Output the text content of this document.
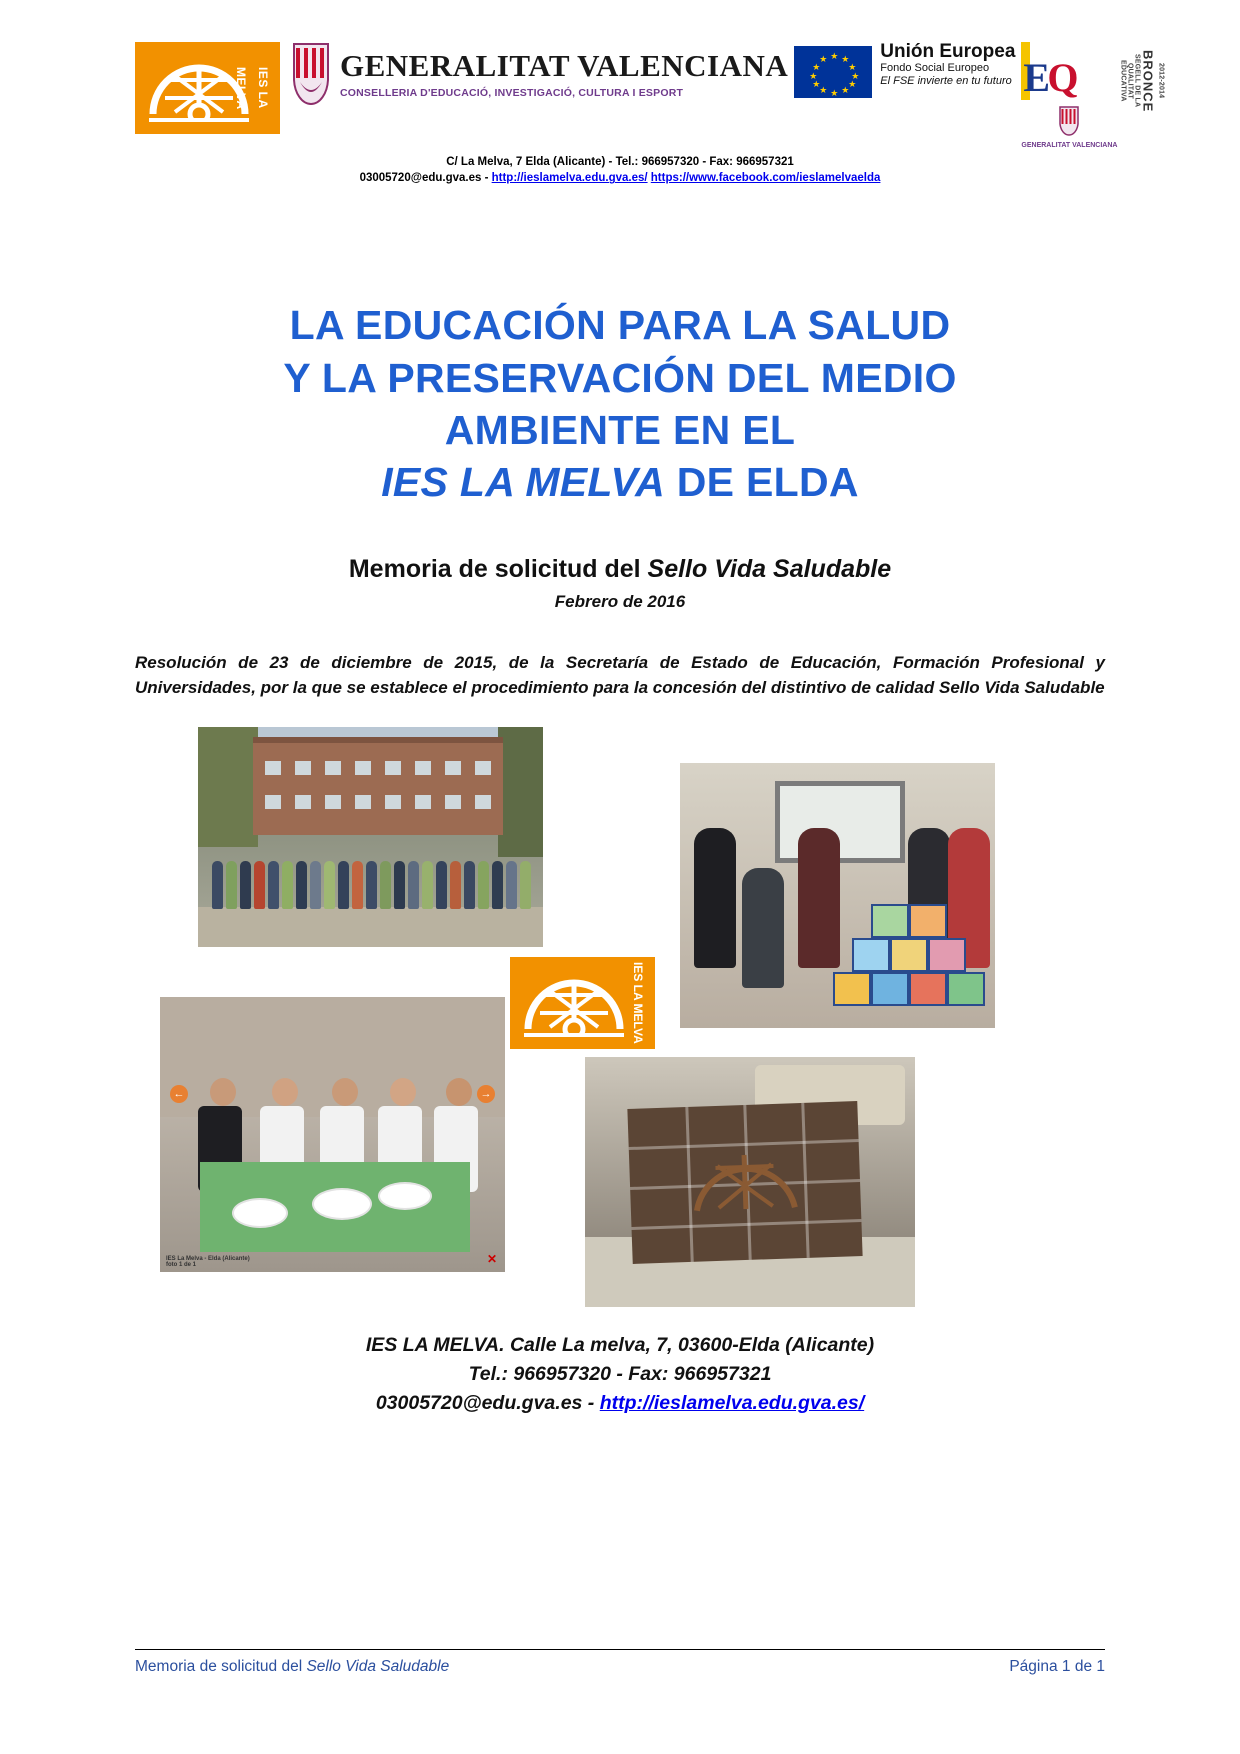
IES LA MELVA
GENERALITAT VALENCIANA
CONSELLERIA D'EDUCACIÓ, INVESTIGACIÓ, CULTURA I ESPORT
★ ★
★
★
★
★
★
★
★
★
★
★	Unión Europea
Fondo Social Europeo
El FSE invierte en tu futuro E
Q
GENERALITAT VALENCIANA
SEGELL DE LA QUALITAT EDUCATIVA	BRONCE 2012-2014
C/ La Melva, 7 Elda (Alicante) - Tel.: 966957320 - Fax: 966957321
03005720@edu.gva.es - http://ieslamelva.edu.gva.es/ https://www.facebook.com/ieslamelvaelda
LA EDUCACIÓN PARA LA SALUD
Y LA PRESERVACIÓN DEL MEDIO
AMBIENTE EN EL
IES LA MELVA DE ELDA
Memoria de solicitud del Sello Vida Saludable
Febrero de 2016
Resolución de 23 de diciembre de 2015, de la Secretaría de Estado de Educación, Formación Profesional y Universidades, por la que se establece el procedimiento para la concesión del distintivo de calidad Sello Vida Saludable
IES LA MELVA
←	→
IES La Melva - Elda (Alicante)
foto 1 de 1	✕
IES LA MELVA. Calle La melva, 7, 03600-Elda (Alicante)
Tel.: 966957320 - Fax: 966957321
03005720@edu.gva.es - http://ieslamelva.edu.gva.es/
Memoria de solicitud del Sello Vida Saludable	Página 1 de 1
